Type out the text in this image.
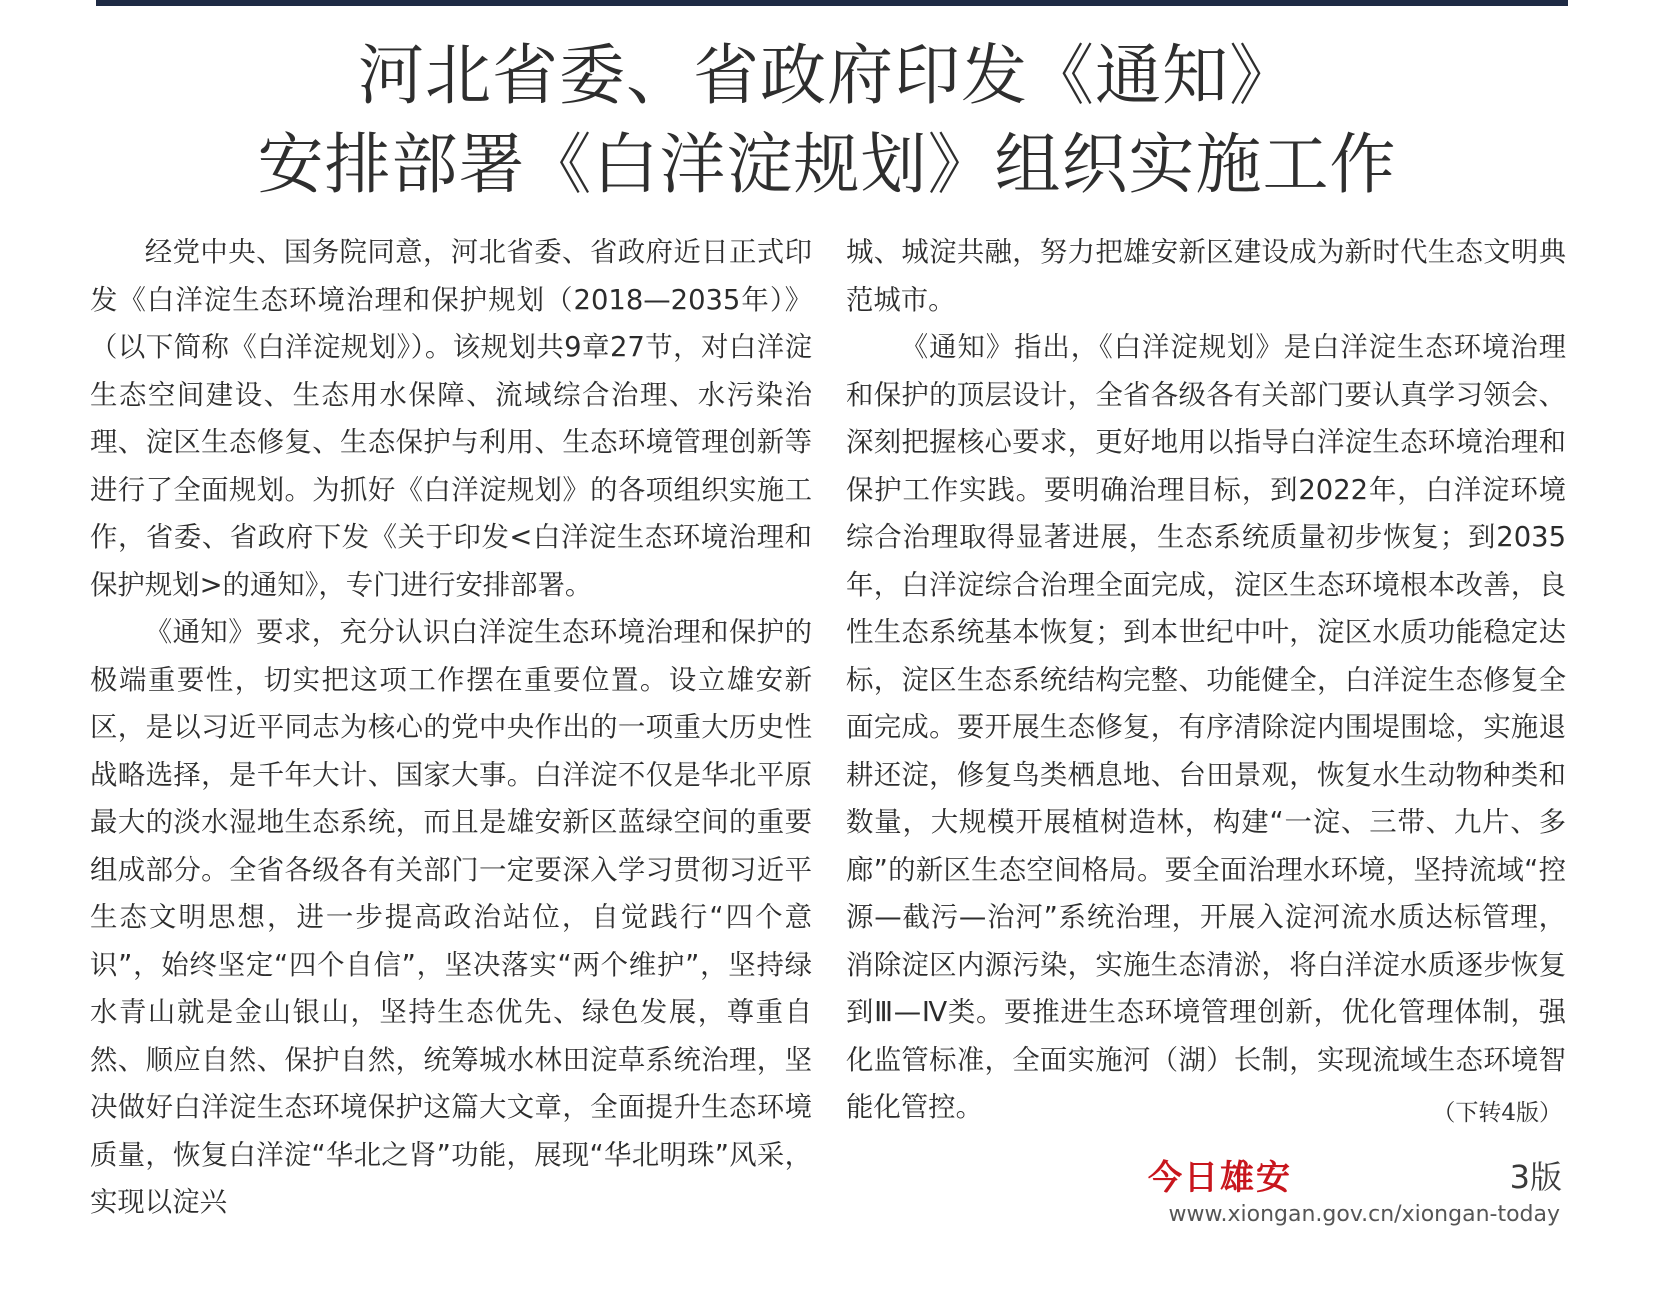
河北省委、省政府印发《通知》
安排部署《白洋淀规划》组织实施工作

经党中央、国务院同意，河北省委、省政府近日正式印发《白洋淀生态环境治理和保护规划（2018—2035年）》（以下简称《白洋淀规划》）。该规划共9章27节，对白洋淀生态空间建设、生态用水保障、流域综合治理、水污染治理、淀区生态修复、生态保护与利用、生态环境管理创新等进行了全面规划。为抓好《白洋淀规划》的各项组织实施工作，省委、省政府下发《关于印发<白洋淀生态环境治理和保护规划>的通知》，专门进行安排部署。

《通知》要求，充分认识白洋淀生态环境治理和保护的极端重要性，切实把这项工作摆在重要位置。设立雄安新区，是以习近平同志为核心的党中央作出的一项重大历史性战略选择，是千年大计、国家大事。白洋淀不仅是华北平原最大的淡水湿地生态系统，而且是雄安新区蓝绿空间的重要组成部分。全省各级各有关部门一定要深入学习贯彻习近平生态文明思想，进一步提高政治站位，自觉践行“四个意识”，始终坚定“四个自信”，坚决落实“两个维护”，坚持绿水青山就是金山银山，坚持生态优先、绿色发展，尊重自然、顺应自然、保护自然，统筹城水林田淀草系统治理，坚决做好白洋淀生态环境保护这篇大文章，全面提升生态环境质量，恢复白洋淀“华北之肾”功能，展现“华北明珠”风采，实现以淀兴

城、城淀共融，努力把雄安新区建设成为新时代生态文明典范城市。

《通知》指出，《白洋淀规划》是白洋淀生态环境治理和保护的顶层设计，全省各级各有关部门要认真学习领会、深刻把握核心要求，更好地用以指导白洋淀生态环境治理和保护工作实践。要明确治理目标，到2022年，白洋淀环境综合治理取得显著进展，生态系统质量初步恢复；到2035年，白洋淀综合治理全面完成，淀区生态环境根本改善，良性生态系统基本恢复；到本世纪中叶，淀区水质功能稳定达标，淀区生态系统结构完整、功能健全，白洋淀生态修复全面完成。要开展生态修复，有序清除淀内围堤围埝，实施退耕还淀，修复鸟类栖息地、台田景观，恢复水生动物种类和数量，大规模开展植树造林，构建“一淀、三带、九片、多廊”的新区生态空间格局。要全面治理水环境，坚持流域“控源—截污—治河”系统治理，开展入淀河流水质达标管理，消除淀区内源污染，实施生态清淤，将白洋淀水质逐步恢复到Ⅲ—Ⅳ类。要推进生态环境管理创新，优化管理体制，强化监管标准，全面实施河（湖）长制，实现流域生态环境智能化管控。	（下转4版）
今日雄安	3版
www.xiongan.gov.cn/xiongan-today
